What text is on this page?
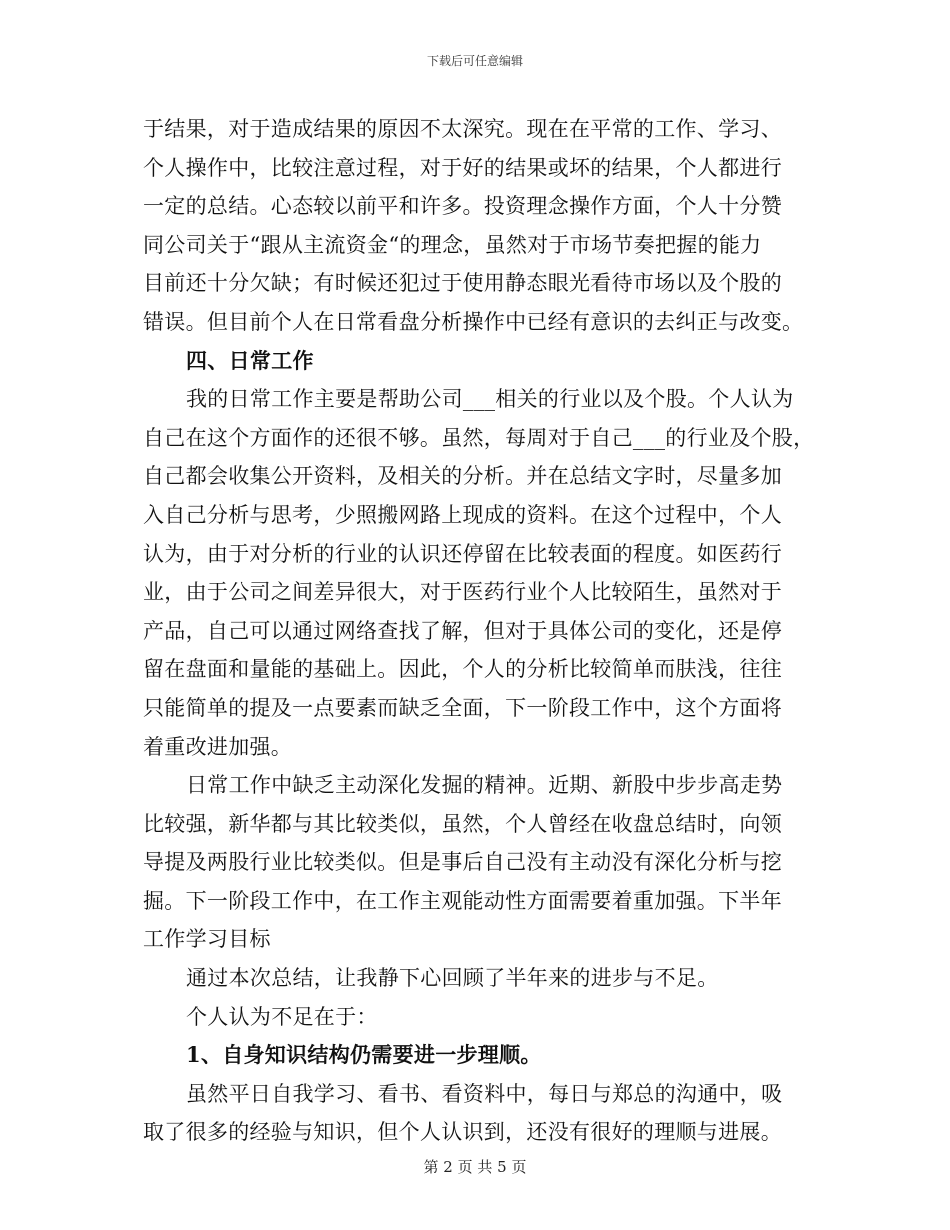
下载后可任意编辑
于结果，对于造成结果的原因不太深究。现在在平常的工作、学习、
个人操作中，比较注意过程，对于好的结果或坏的结果，个人都进行
一定的总结。心态较以前平和许多。投资理念操作方面，个人十分赞
同公司关于“跟从主流资金“的理念，虽然对于市场节奏把握的能力
目前还十分欠缺；有时候还犯过于使用静态眼光看待市场以及个股的
错误。但目前个人在日常看盘分析操作中已经有意识的去纠正与改变。
四、日常工作
我的日常工作主要是帮助公司___相关的行业以及个股。个人认为
自己在这个方面作的还很不够。虽然，每周对于自己___的行业及个股，
自己都会收集公开资料，及相关的分析。并在总结文字时，尽量多加
入自己分析与思考，少照搬网路上现成的资料。在这个过程中，个人
认为，由于对分析的行业的认识还停留在比较表面的程度。如医药行
业，由于公司之间差异很大，对于医药行业个人比较陌生，虽然对于
产品，自己可以通过网络查找了解，但对于具体公司的变化，还是停
留在盘面和量能的基础上。因此，个人的分析比较简单而肤浅，往往
只能简单的提及一点要素而缺乏全面，下一阶段工作中，这个方面将
着重改进加强。
日常工作中缺乏主动深化发掘的精神。近期、新股中步步高走势
比较强，新华都与其比较类似，虽然，个人曾经在收盘总结时，向领
导提及两股行业比较类似。但是事后自己没有主动没有深化分析与挖
掘。下一阶段工作中，在工作主观能动性方面需要着重加强。下半年
工作学习目标
通过本次总结，让我静下心回顾了半年来的进步与不足。
个人认为不足在于：
1、自身知识结构仍需要进一步理顺。
虽然平日自我学习、看书、看资料中，每日与郑总的沟通中，吸
取了很多的经验与知识，但个人认识到，还没有很好的理顺与进展。
第 2 页 共 5 页
